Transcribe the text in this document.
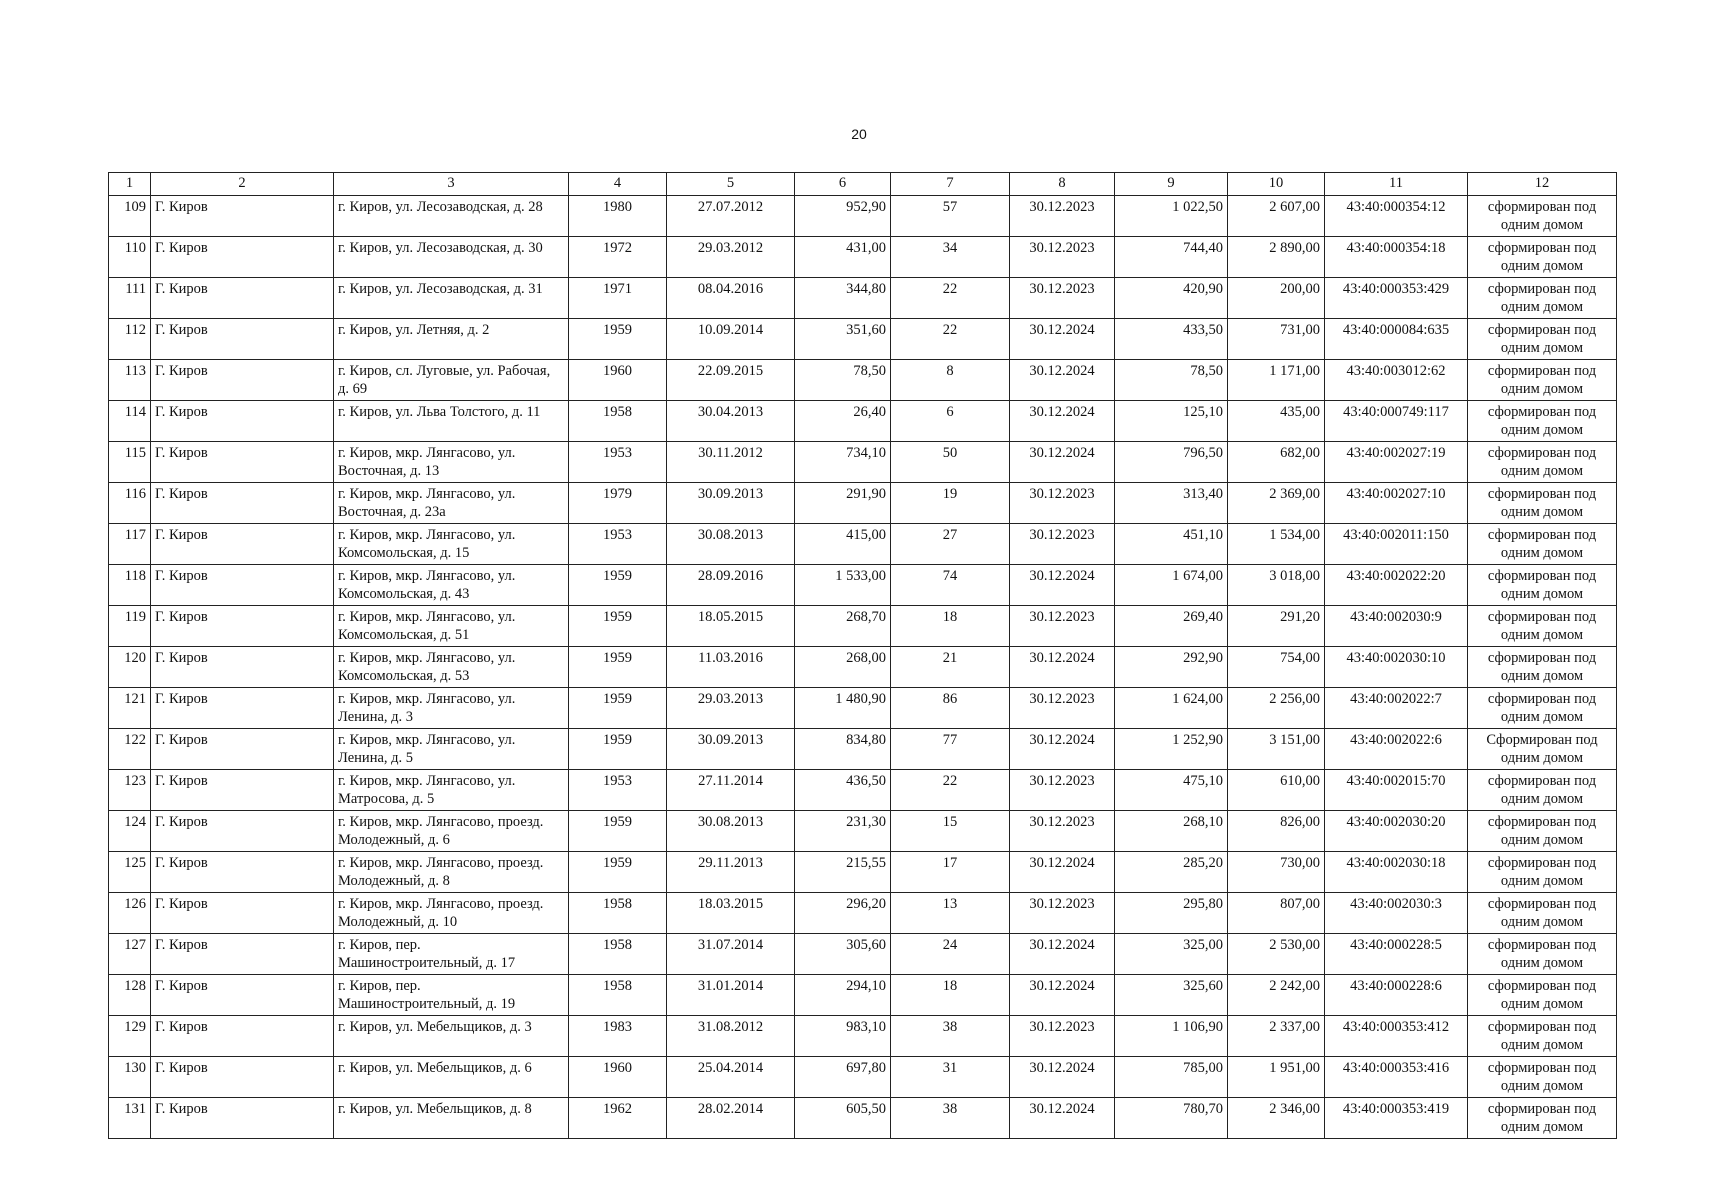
20
1	2	3	4	5	6	7	8	9	10	11	12
109	Г. Киров	г. Киров, ул. Лесозаводская, д. 28	1980	27.07.2012	952,90	57	30.12.2023	1 022,50	2 607,00	43:40:000354:12	сформирован под одним домом
110	Г. Киров	г. Киров, ул. Лесозаводская, д. 30	1972	29.03.2012	431,00	34	30.12.2023	744,40	2 890,00	43:40:000354:18	сформирован под одним домом
111	Г. Киров	г. Киров, ул. Лесозаводская, д. 31	1971	08.04.2016	344,80	22	30.12.2023	420,90	200,00	43:40:000353:429	сформирован под одним домом
112	Г. Киров	г. Киров, ул. Летняя, д. 2	1959	10.09.2014	351,60	22	30.12.2024	433,50	731,00	43:40:000084:635	сформирован под одним домом
113	Г. Киров	г. Киров, сл. Луговые, ул. Рабочая, д. 69	1960	22.09.2015	78,50	8	30.12.2024	78,50	1 171,00	43:40:003012:62	сформирован под одним домом
114	Г. Киров	г. Киров, ул. Льва Толстого, д. 11	1958	30.04.2013	26,40	6	30.12.2024	125,10	435,00	43:40:000749:117	сформирован под одним домом
115	Г. Киров	г. Киров, мкр. Лянгасово, ул. Восточная, д. 13	1953	30.11.2012	734,10	50	30.12.2024	796,50	682,00	43:40:002027:19	сформирован под одним домом
116	Г. Киров	г. Киров, мкр. Лянгасово, ул. Восточная, д. 23а	1979	30.09.2013	291,90	19	30.12.2023	313,40	2 369,00	43:40:002027:10	сформирован под одним домом
117	Г. Киров	г. Киров, мкр. Лянгасово, ул. Комсомольская, д. 15	1953	30.08.2013	415,00	27	30.12.2023	451,10	1 534,00	43:40:002011:150	сформирован под одним домом
118	Г. Киров	г. Киров, мкр. Лянгасово, ул. Комсомольская, д. 43	1959	28.09.2016	1 533,00	74	30.12.2024	1 674,00	3 018,00	43:40:002022:20	сформирован под одним домом
119	Г. Киров	г. Киров, мкр. Лянгасово, ул. Комсомольская, д. 51	1959	18.05.2015	268,70	18	30.12.2023	269,40	291,20	43:40:002030:9	сформирован под одним домом
120	Г. Киров	г. Киров, мкр. Лянгасово, ул. Комсомольская, д. 53	1959	11.03.2016	268,00	21	30.12.2024	292,90	754,00	43:40:002030:10	сформирован под одним домом
121	Г. Киров	г. Киров, мкр. Лянгасово, ул. Ленина, д. 3	1959	29.03.2013	1 480,90	86	30.12.2023	1 624,00	2 256,00	43:40:002022:7	сформирован под одним домом
122	Г. Киров	г. Киров, мкр. Лянгасово, ул. Ленина, д. 5	1959	30.09.2013	834,80	77	30.12.2024	1 252,90	3 151,00	43:40:002022:6	Сформирован под одним домом
123	Г. Киров	г. Киров, мкр. Лянгасово, ул. Матросова, д. 5	1953	27.11.2014	436,50	22	30.12.2023	475,10	610,00	43:40:002015:70	сформирован под одним домом
124	Г. Киров	г. Киров, мкр. Лянгасово, проезд. Молодежный, д. 6	1959	30.08.2013	231,30	15	30.12.2023	268,10	826,00	43:40:002030:20	сформирован под одним домом
125	Г. Киров	г. Киров, мкр. Лянгасово, проезд. Молодежный, д. 8	1959	29.11.2013	215,55	17	30.12.2024	285,20	730,00	43:40:002030:18	сформирован под одним домом
126	Г. Киров	г. Киров, мкр. Лянгасово, проезд. Молодежный, д. 10	1958	18.03.2015	296,20	13	30.12.2023	295,80	807,00	43:40:002030:3	сформирован под одним домом
127	Г. Киров	г. Киров, пер. Машиностроительный, д. 17	1958	31.07.2014	305,60	24	30.12.2024	325,00	2 530,00	43:40:000228:5	сформирован под одним домом
128	Г. Киров	г. Киров, пер. Машиностроительный, д. 19	1958	31.01.2014	294,10	18	30.12.2024	325,60	2 242,00	43:40:000228:6	сформирован под одним домом
129	Г. Киров	г. Киров, ул. Мебельщиков, д. 3	1983	31.08.2012	983,10	38	30.12.2023	1 106,90	2 337,00	43:40:000353:412	сформирован под одним домом
130	Г. Киров	г. Киров, ул. Мебельщиков, д. 6	1960	25.04.2014	697,80	31	30.12.2024	785,00	1 951,00	43:40:000353:416	сформирован под одним домом
131	Г. Киров	г. Киров, ул. Мебельщиков, д. 8	1962	28.02.2014	605,50	38	30.12.2024	780,70	2 346,00	43:40:000353:419	сформирован под одним домом
